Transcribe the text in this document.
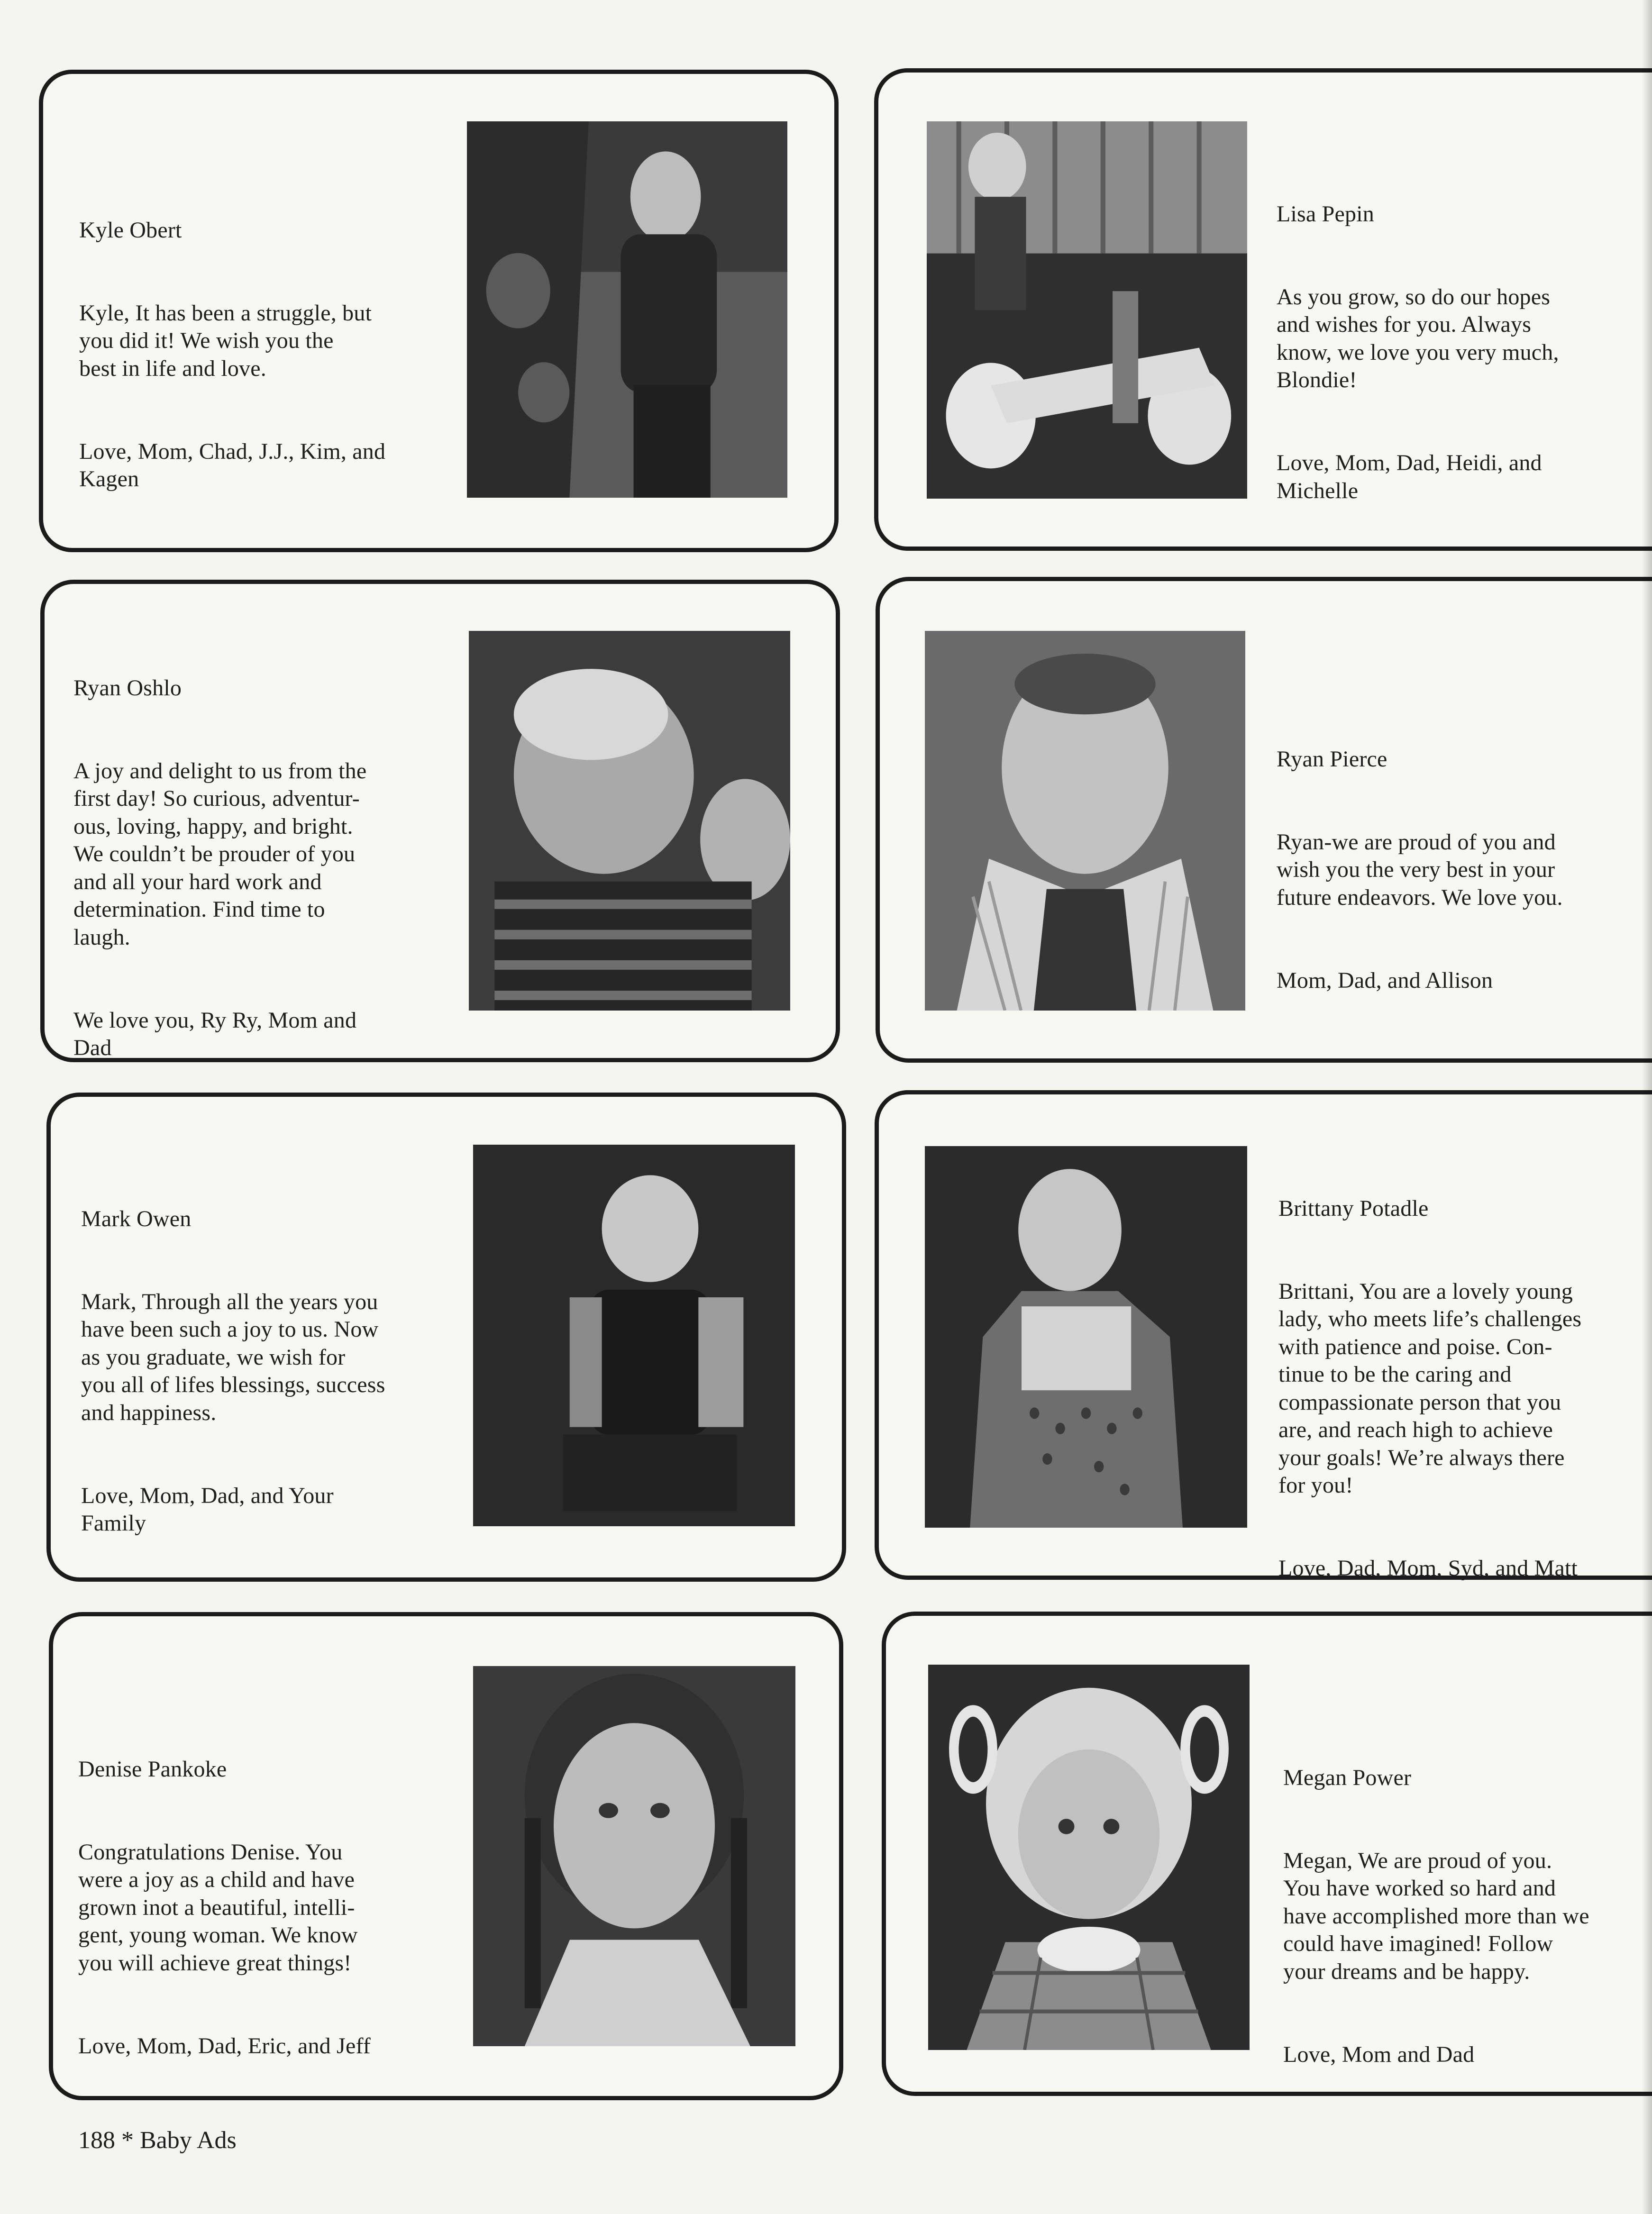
Kyle Obert

Kyle, It has been a struggle, but
you did it! We wish you the
best in life and love.

Love, Mom, Chad, J.J., Kim, and
Kagen

Lisa Pepin

As you grow, so do our hopes
and wishes for you. Always
know, we love you very much,
Blondie!

Love, Mom, Dad, Heidi, and
Michelle

Ryan Oshlo

A joy and delight to us from the
first day! So curious, adventur-
ous, loving, happy, and bright.
We couldn’t be prouder of you
and all your hard work and
determination. Find time to
laugh.

We love you, Ry Ry, Mom and
Dad

Ryan Pierce

Ryan-we are proud of you and
wish you the very best in your
future endeavors. We love you.

Mom, Dad, and Allison

Mark Owen

Mark, Through all the years you
have been such a joy to us. Now
as you graduate, we wish for
you all of lifes blessings, success
and happiness.

Love, Mom, Dad, and Your
Family

Brittany Potadle

Brittani, You are a lovely young
lady, who meets life’s challenges
with patience and poise. Con-
tinue to be the caring and
compassionate person that you
are, and reach high to achieve
your goals! We’re always there
for you!

Love, Dad, Mom, Syd, and Matt

Denise Pankoke

Congratulations Denise. You
were a joy as a child and have
grown inot a beautiful, intelli-
gent, young woman. We know
you will achieve great things!

Love, Mom, Dad, Eric, and Jeff

Megan Power

Megan, We are proud of you.
You have worked so hard and
have accomplished more than we
could have imagined! Follow
your dreams and be happy.

Love, Mom and Dad

188 * Baby Ads
